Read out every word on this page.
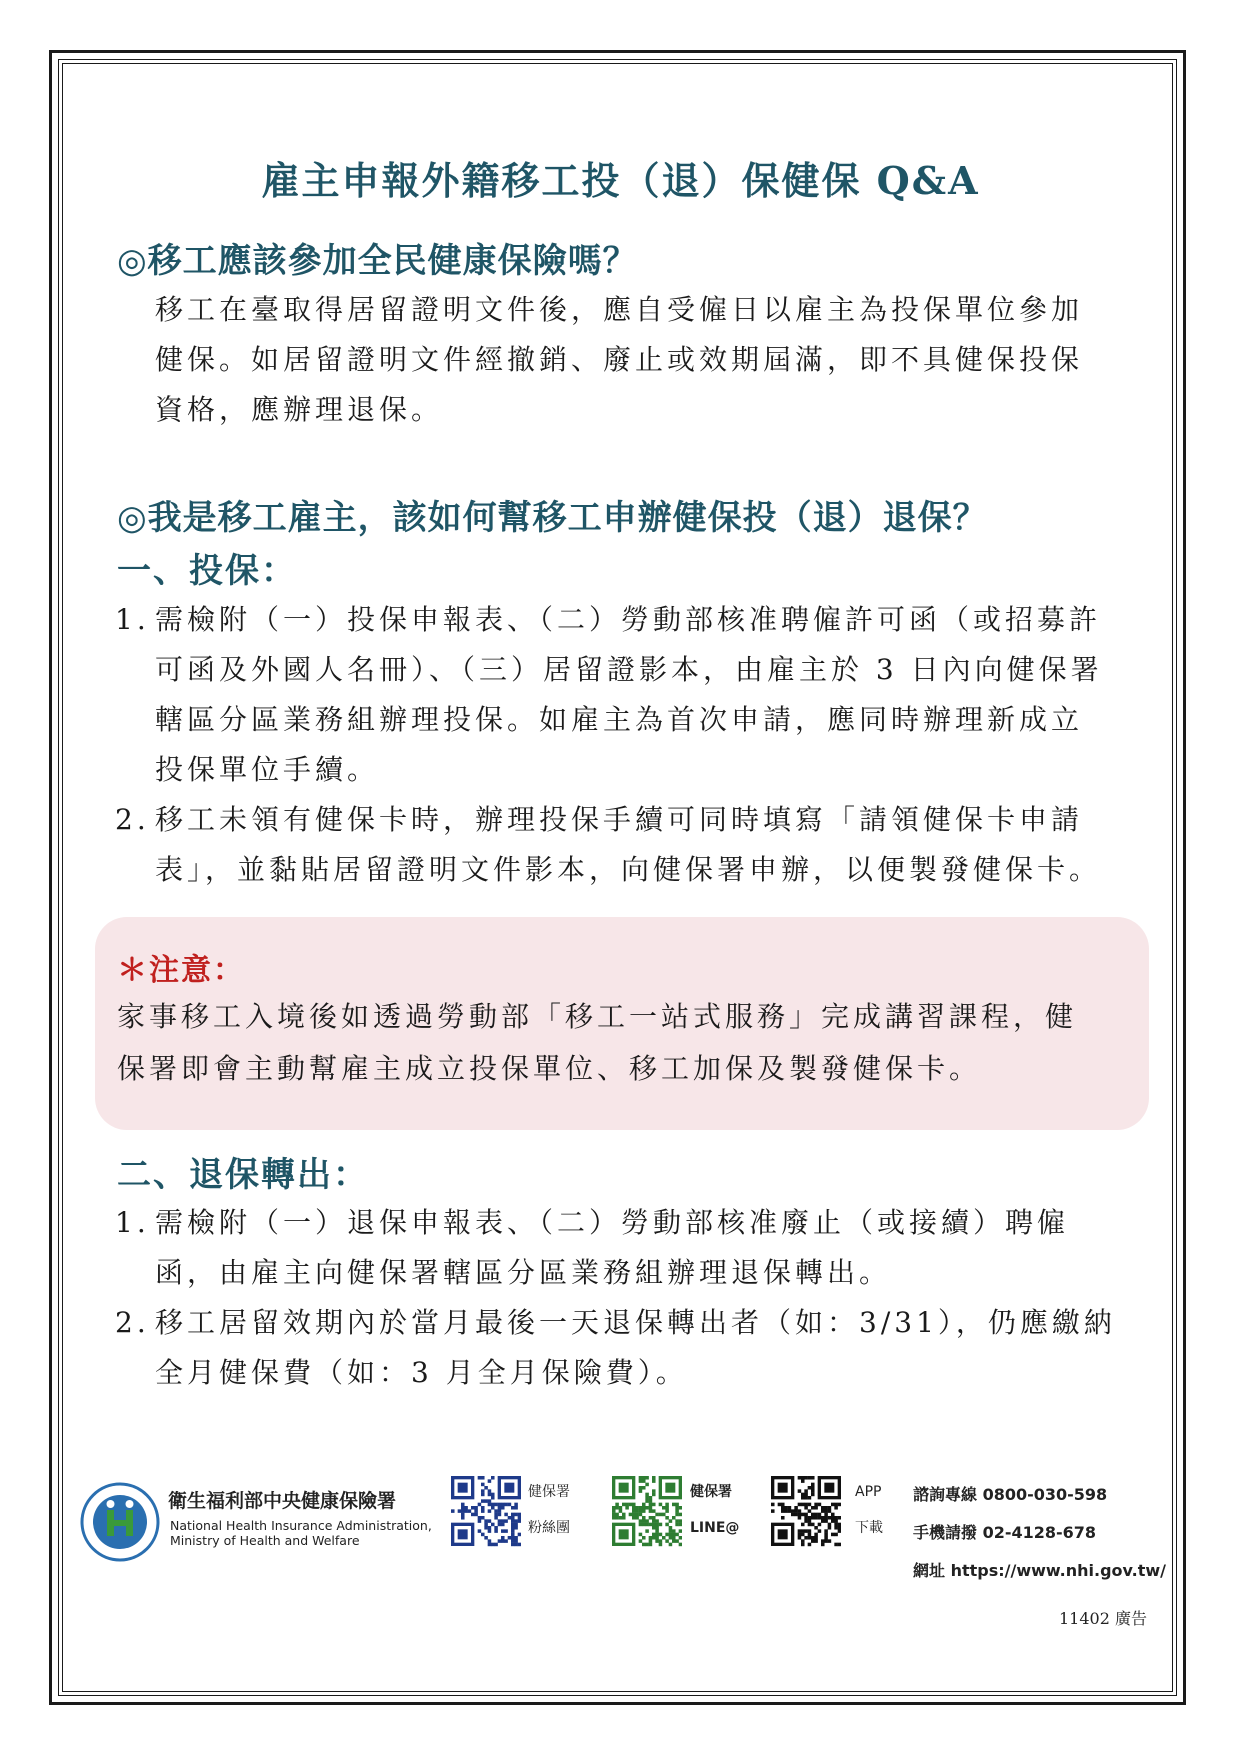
雇主申報外籍移工投（退）保健保 Q&A
◎移工應該參加全民健康保險嗎？
移工在臺取得居留證明文件後，應自受僱日以雇主為投保單位參加
健保。如居留證明文件經撤銷、廢止或效期屆滿，即不具健保投保
資格，應辦理退保。
◎我是移工雇主，該如何幫移工申辦健保投（退）退保？
一、投保：
1. 需檢附（一）投保申報表、（二）勞動部核准聘僱許可函（或招募許
可函及外國人名冊）、（三）居留證影本，由雇主於 3 日內向健保署
轄區分區業務組辦理投保。如雇主為首次申請，應同時辦理新成立
投保單位手續。
2. 移工未領有健保卡時，辦理投保手續可同時填寫「請領健保卡申請
表」，並黏貼居留證明文件影本，向健保署申辦，以便製發健保卡。
＊注意：
家事移工入境後如透過勞動部「移工一站式服務」完成講習課程，健
保署即會主動幫雇主成立投保單位、移工加保及製發健保卡。
二、退保轉出：
1. 需檢附（一）退保申報表、（二）勞動部核准廢止（或接續）聘僱
函，由雇主向健保署轄區分區業務組辦理退保轉出。
2. 移工居留效期內於當月最後一天退保轉出者（如：3/31），仍應繳納
全月健保費（如：3 月全月保險費）。
衛生福利部中央健康保險署
National Health Insurance Administration,
Ministry of Health and Welfare
健保署
粉絲團
健保署
LINE@
APP
下載
諮詢專線 0800-030-598
手機請撥 02-4128-678
網址 https://www.nhi.gov.tw/
11402 廣告
